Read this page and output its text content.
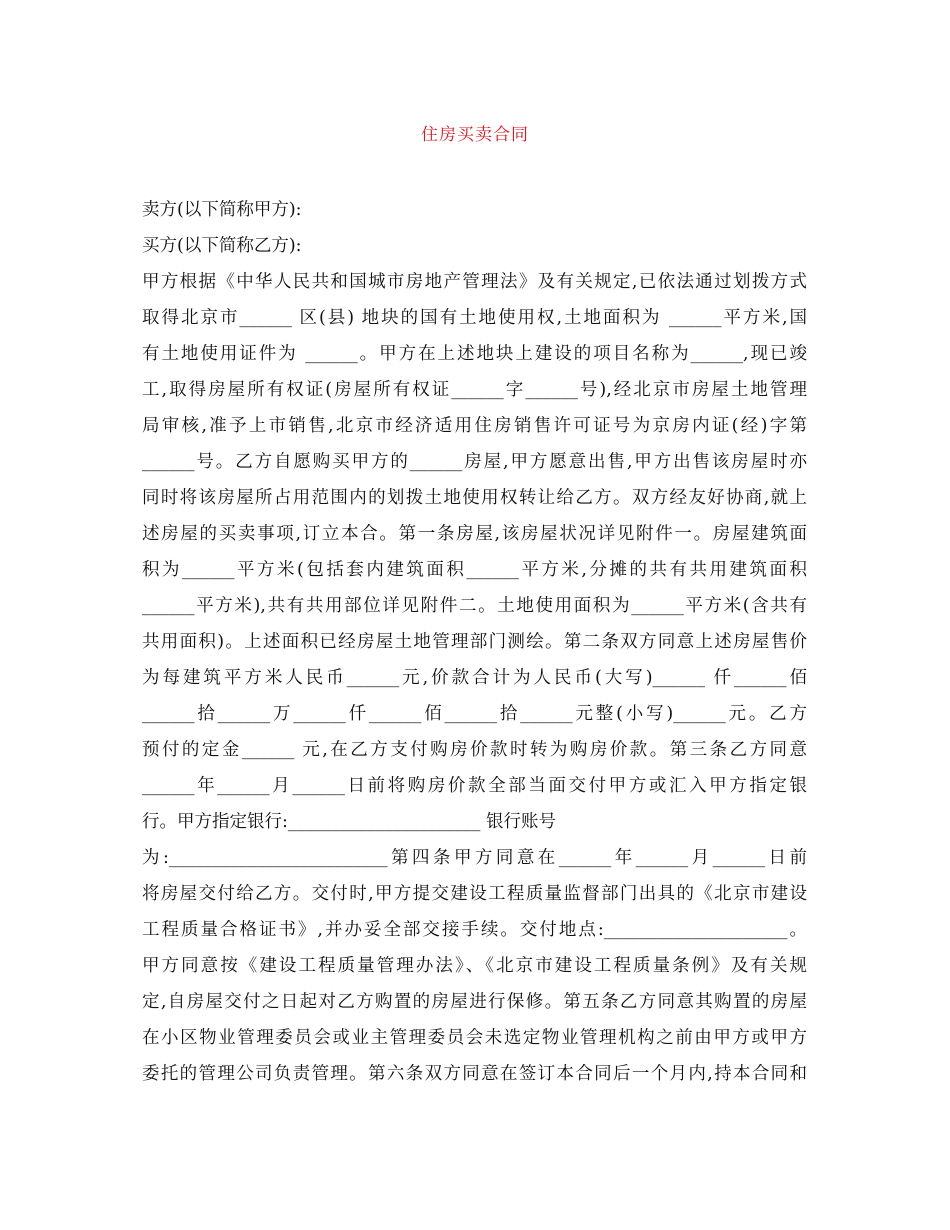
住房买卖合同
卖方(以下简称甲方):
买方(以下简称乙方):
甲方根据《中华人民共和国城市房地产管理法》及有关规定,已依法通过划拨方式
取得北京市______ 区(县) 地块的国有土地使用权,土地面积为 ______平方米,国
有土地使用证件为 ______。甲方在上述地块上建设的项目名称为______,现已竣
工,取得房屋所有权证(房屋所有权证______字______号),经北京市房屋土地管理
局审核,准予上市销售,北京市经济适用住房销售许可证号为京房内证(经)字第
______号。乙方自愿购买甲方的______房屋,甲方愿意出售,甲方出售该房屋时亦
同时将该房屋所占用范围内的划拨土地使用权转让给乙方。双方经友好协商,就上
述房屋的买卖事项,订立本合。第一条房屋,该房屋状况详见附件一。房屋建筑面
积为______平方米(包括套内建筑面积______平方米,分摊的共有共用建筑面积
______平方米),共有共用部位详见附件二。土地使用面积为______平方米(含共有
共用面积)。上述面积已经房屋土地管理部门测绘。第二条双方同意上述房屋售价
为每建筑平方米人民币______元,价款合计为人民币(大写)______ 仟______佰
______拾______万______仟______佰______拾______元整(小写)______元。乙方
预付的定金______ 元,在乙方支付购房价款时转为购房价款。第三条乙方同意
______年______月______日前将购房价款全部当面交付甲方或汇入甲方指定银
行。甲方指定银行:______________________ 银行账号
为:_________________________第四条甲方同意在______年______月______日前
将房屋交付给乙方。交付时,甲方提交建设工程质量监督部门出具的《北京市建设
工程质量合格证书》,并办妥全部交接手续。交付地点:_____________________。
甲方同意按《建设工程质量管理办法》、《北京市建设工程质量条例》及有关规
定,自房屋交付之日起对乙方购置的房屋进行保修。第五条乙方同意其购置的房屋
在小区物业管理委员会或业主管理委员会未选定物业管理机构之前由甲方或甲方
委托的管理公司负责管理。第六条双方同意在签订本合同后一个月内,持本合同和
